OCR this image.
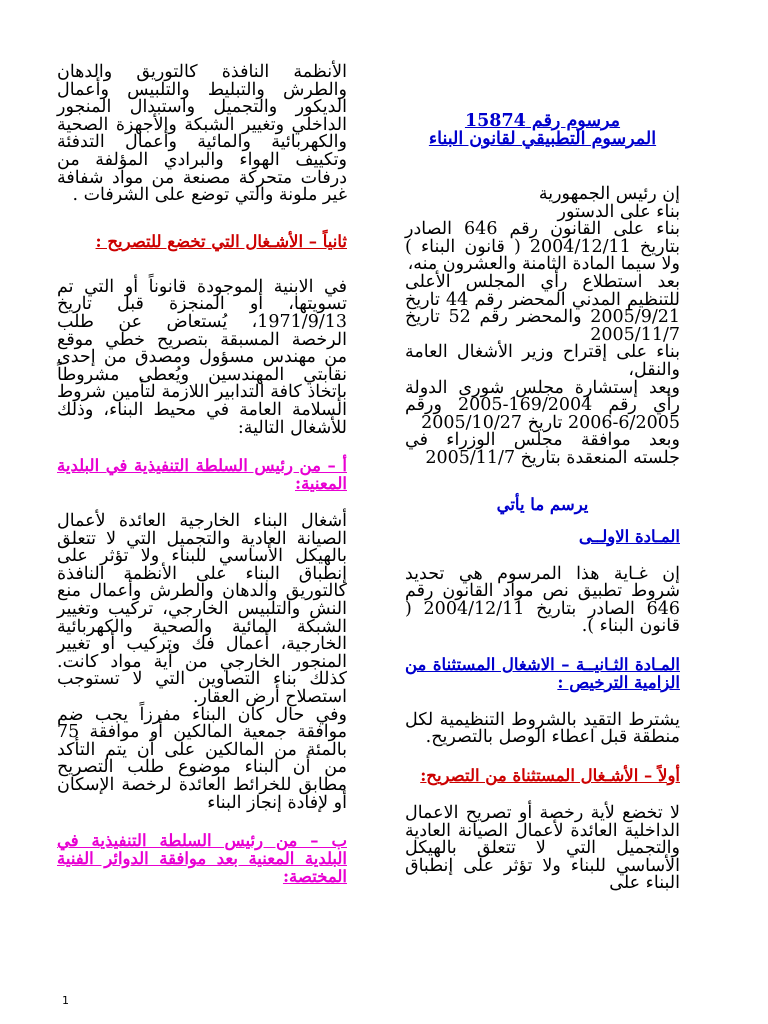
مرسوم رقم 15874

المرسوم التطبيقي لقانون البناء

إن رئيس الجمهورية

بناء على الدستور

بناء على القانون رقم 646 الصادر بتاريخ 2004/12/11 ( قانون البناء ) ولا سيما المادة الثامنة والعشرون منه،

بعد استطلاع رأي المجلس الأعلى للتنظيم المدني المحضر رقم 44 تاريخ 2005/9/21 والمحضر رقم 52 تاريخ 2005/11/7

بناء على إقتراح وزير الأشغال العامة والنقل،

وبعد إستشارة مجلس شورى الدولة رأي رقم 169/2004-2005 ورقم 6/2005-2006 تاريخ 2005/10/27

وبعد موافقة مجلس الوزراء في جلسته المنعقدة بتاريخ 2005/11/7

يرسم ما يأتي

المـادة الاولــى

إن غـاية هذا المرسوم هي تحديد شروط تطبيق نص مواد القانون رقم 646 الصادر بتاريخ 2004/12/11 ( قانون البناء ).

المـادة الثـانيــة – الاشغال المستثناة من الزامية الترخيص :

يشترط التقيد بالشروط التنظيمية لكل منطقة قبل اعطاء الوصل بالتصريح.

أولاً – الأشـغال المستثناة من التصريح:

لا تخضع لأية رخصة أو تصريح الاعمال الداخلية العائدة لأعمال الصيانة العادية والتجميل التي لا تتعلق بالهيكل الأساسي للبناء ولا تؤثر على إنطباق البناء على

الأنظمة النافذة كالتوريق والدهان والطرش والتبليط والتلبيس وأعمال الديكور والتجميل واستبدال المنجور الداخلي وتغيير الشبكة والأجهزة الصحية والكهربائية والمائية وأعمال التدفئة وتكييف الهواء والبرادي المؤلفة من درفات متحركة مصنعة من مواد شفافة غير ملونة والتي توضع على الشرفات .

ثانياً – الأشـغال التي تخضع للتصريح :

في الابنية الموجودة قانوناً أو التي تم تسويتها، أو المنجزة قبل تاريخ 1971/9/13، يُستعاض عن طلب الرخصة المسبقة بتصريح خطي موقع من مهندس مسؤول ومصدق من إحدى نقابتي المهندسين ويُعطى مشروطاً بإتخاذ كافة التدابير اللازمة لتأمين شروط السلامة العامة في محيط البناء، وذلك للأشغال التالية:

أ – من رئيس السلطة التنفيذية في البلدية المعنية:

أشغال البناء الخارجية العائدة لأعمال الصيانة العادية والتجميل التي لا تتعلق بالهيكل الأساسي للبناء ولا تؤثر على إنطباق البناء على الأنظمة النافذة كالتوريق والدهان والطرش وأعمال منع النش والتلبيس الخارجي، تركيب وتغيير الشبكة المائية والصحية والكهربائية الخارجية، أعمال فك وتركيب أو تغيير المنجور الخارجي من أية مواد كانت. كذلك بناء التصاوين التي لا تستوجب استصلاح أرض العقار.

وفي حال كان البناء مفرزاً يجب ضم موافقة جمعية المالكين أو موافقة 75 بالمئة من المالكين على أن يتم التأكد من أن البناء موضوع طلب التصريح مطابق للخرائط العائدة لرخصة الإسكان أو لإفادة إنجاز البناء

ب – من رئيس السلطة التنفيذية في البلدية المعنية بعد موافقة الدوائر الفنية المختصة:

1
